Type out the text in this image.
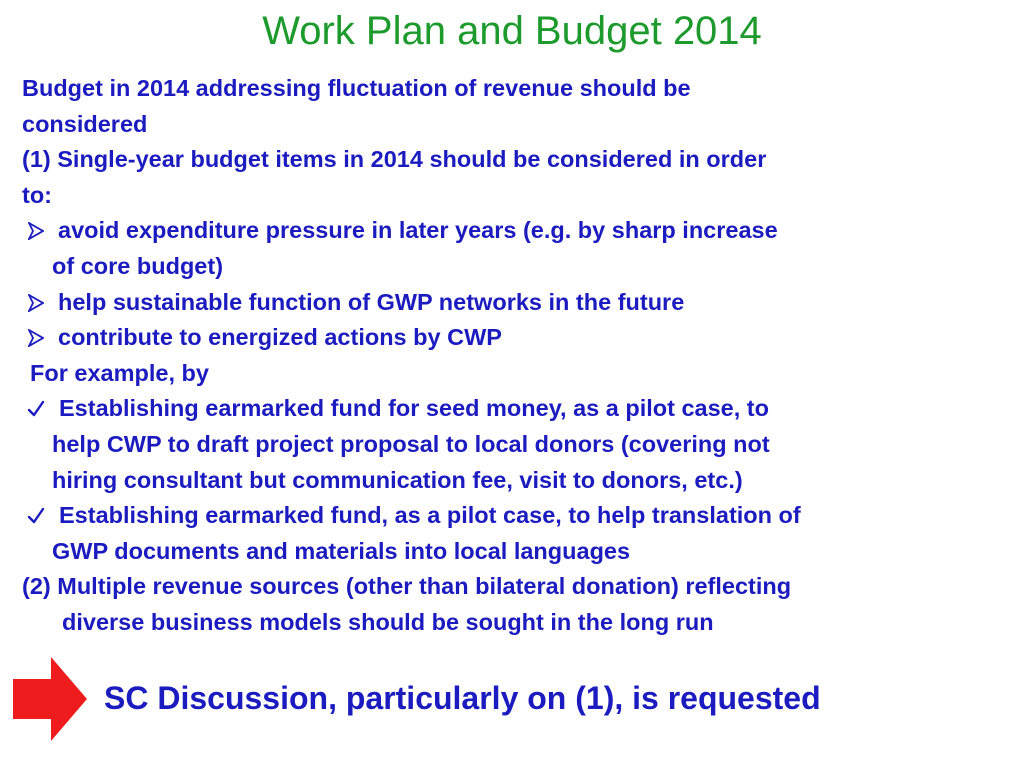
Work Plan and Budget 2014
Budget in 2014 addressing fluctuation of revenue should be
considered
(1) Single-year budget items in 2014 should be considered in order
to:
avoid expenditure pressure in later years (e.g. by sharp increase
of core budget)
help sustainable function of GWP networks in the future
contribute to energized actions by CWP
For example, by
Establishing earmarked fund for seed money, as a pilot case, to
help CWP to draft project proposal to local donors (covering not
hiring consultant but communication fee, visit to donors, etc.)
Establishing earmarked fund, as a pilot case, to help translation of
GWP documents and materials into local languages
(2) Multiple revenue sources (other than bilateral donation) reflecting
diverse business models should be sought in the long run
SC Discussion, particularly on (1), is requested
